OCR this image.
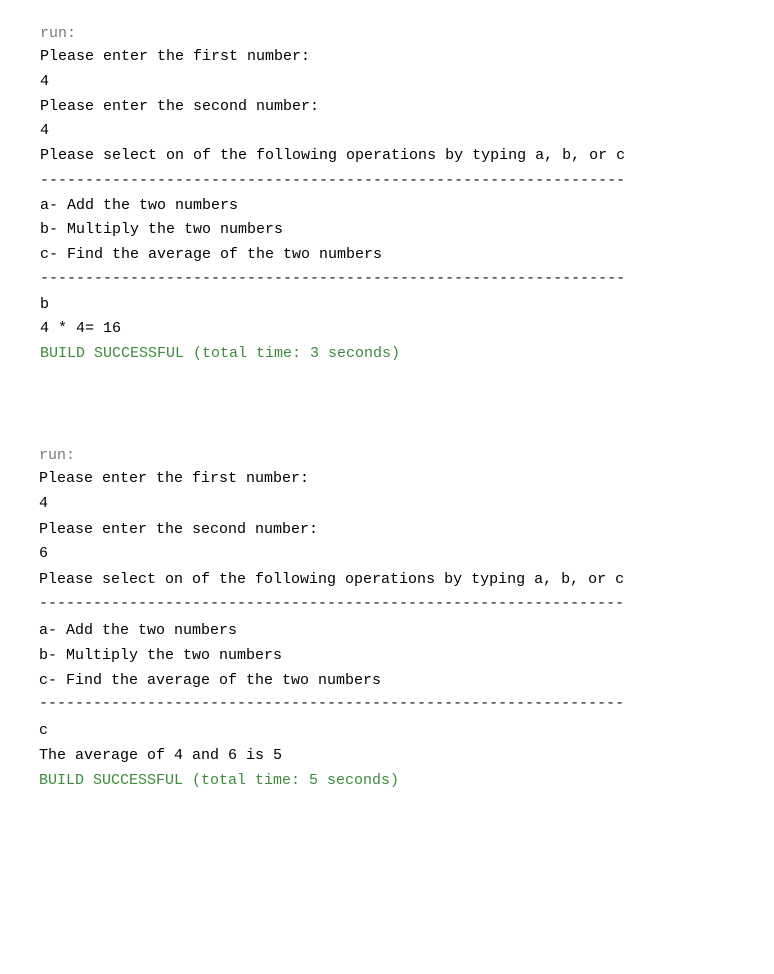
run:
Please enter the first number:
4
Please enter the second number:
4
Please select on of the following operations by typing a, b, or c
-----------------------------------------------------------------
a- Add the two numbers
b- Multiply the two numbers
c- Find the average of the two numbers
-----------------------------------------------------------------
b
4 * 4= 16
BUILD SUCCESSFUL (total time: 3 seconds)
run:
Please enter the first number:
4
Please enter the second number:
6
Please select on of the following operations by typing a, b, or c
-----------------------------------------------------------------
a- Add the two numbers
b- Multiply the two numbers
c- Find the average of the two numbers
-----------------------------------------------------------------
c
The average of 4 and 6 is 5
BUILD SUCCESSFUL (total time: 5 seconds)
